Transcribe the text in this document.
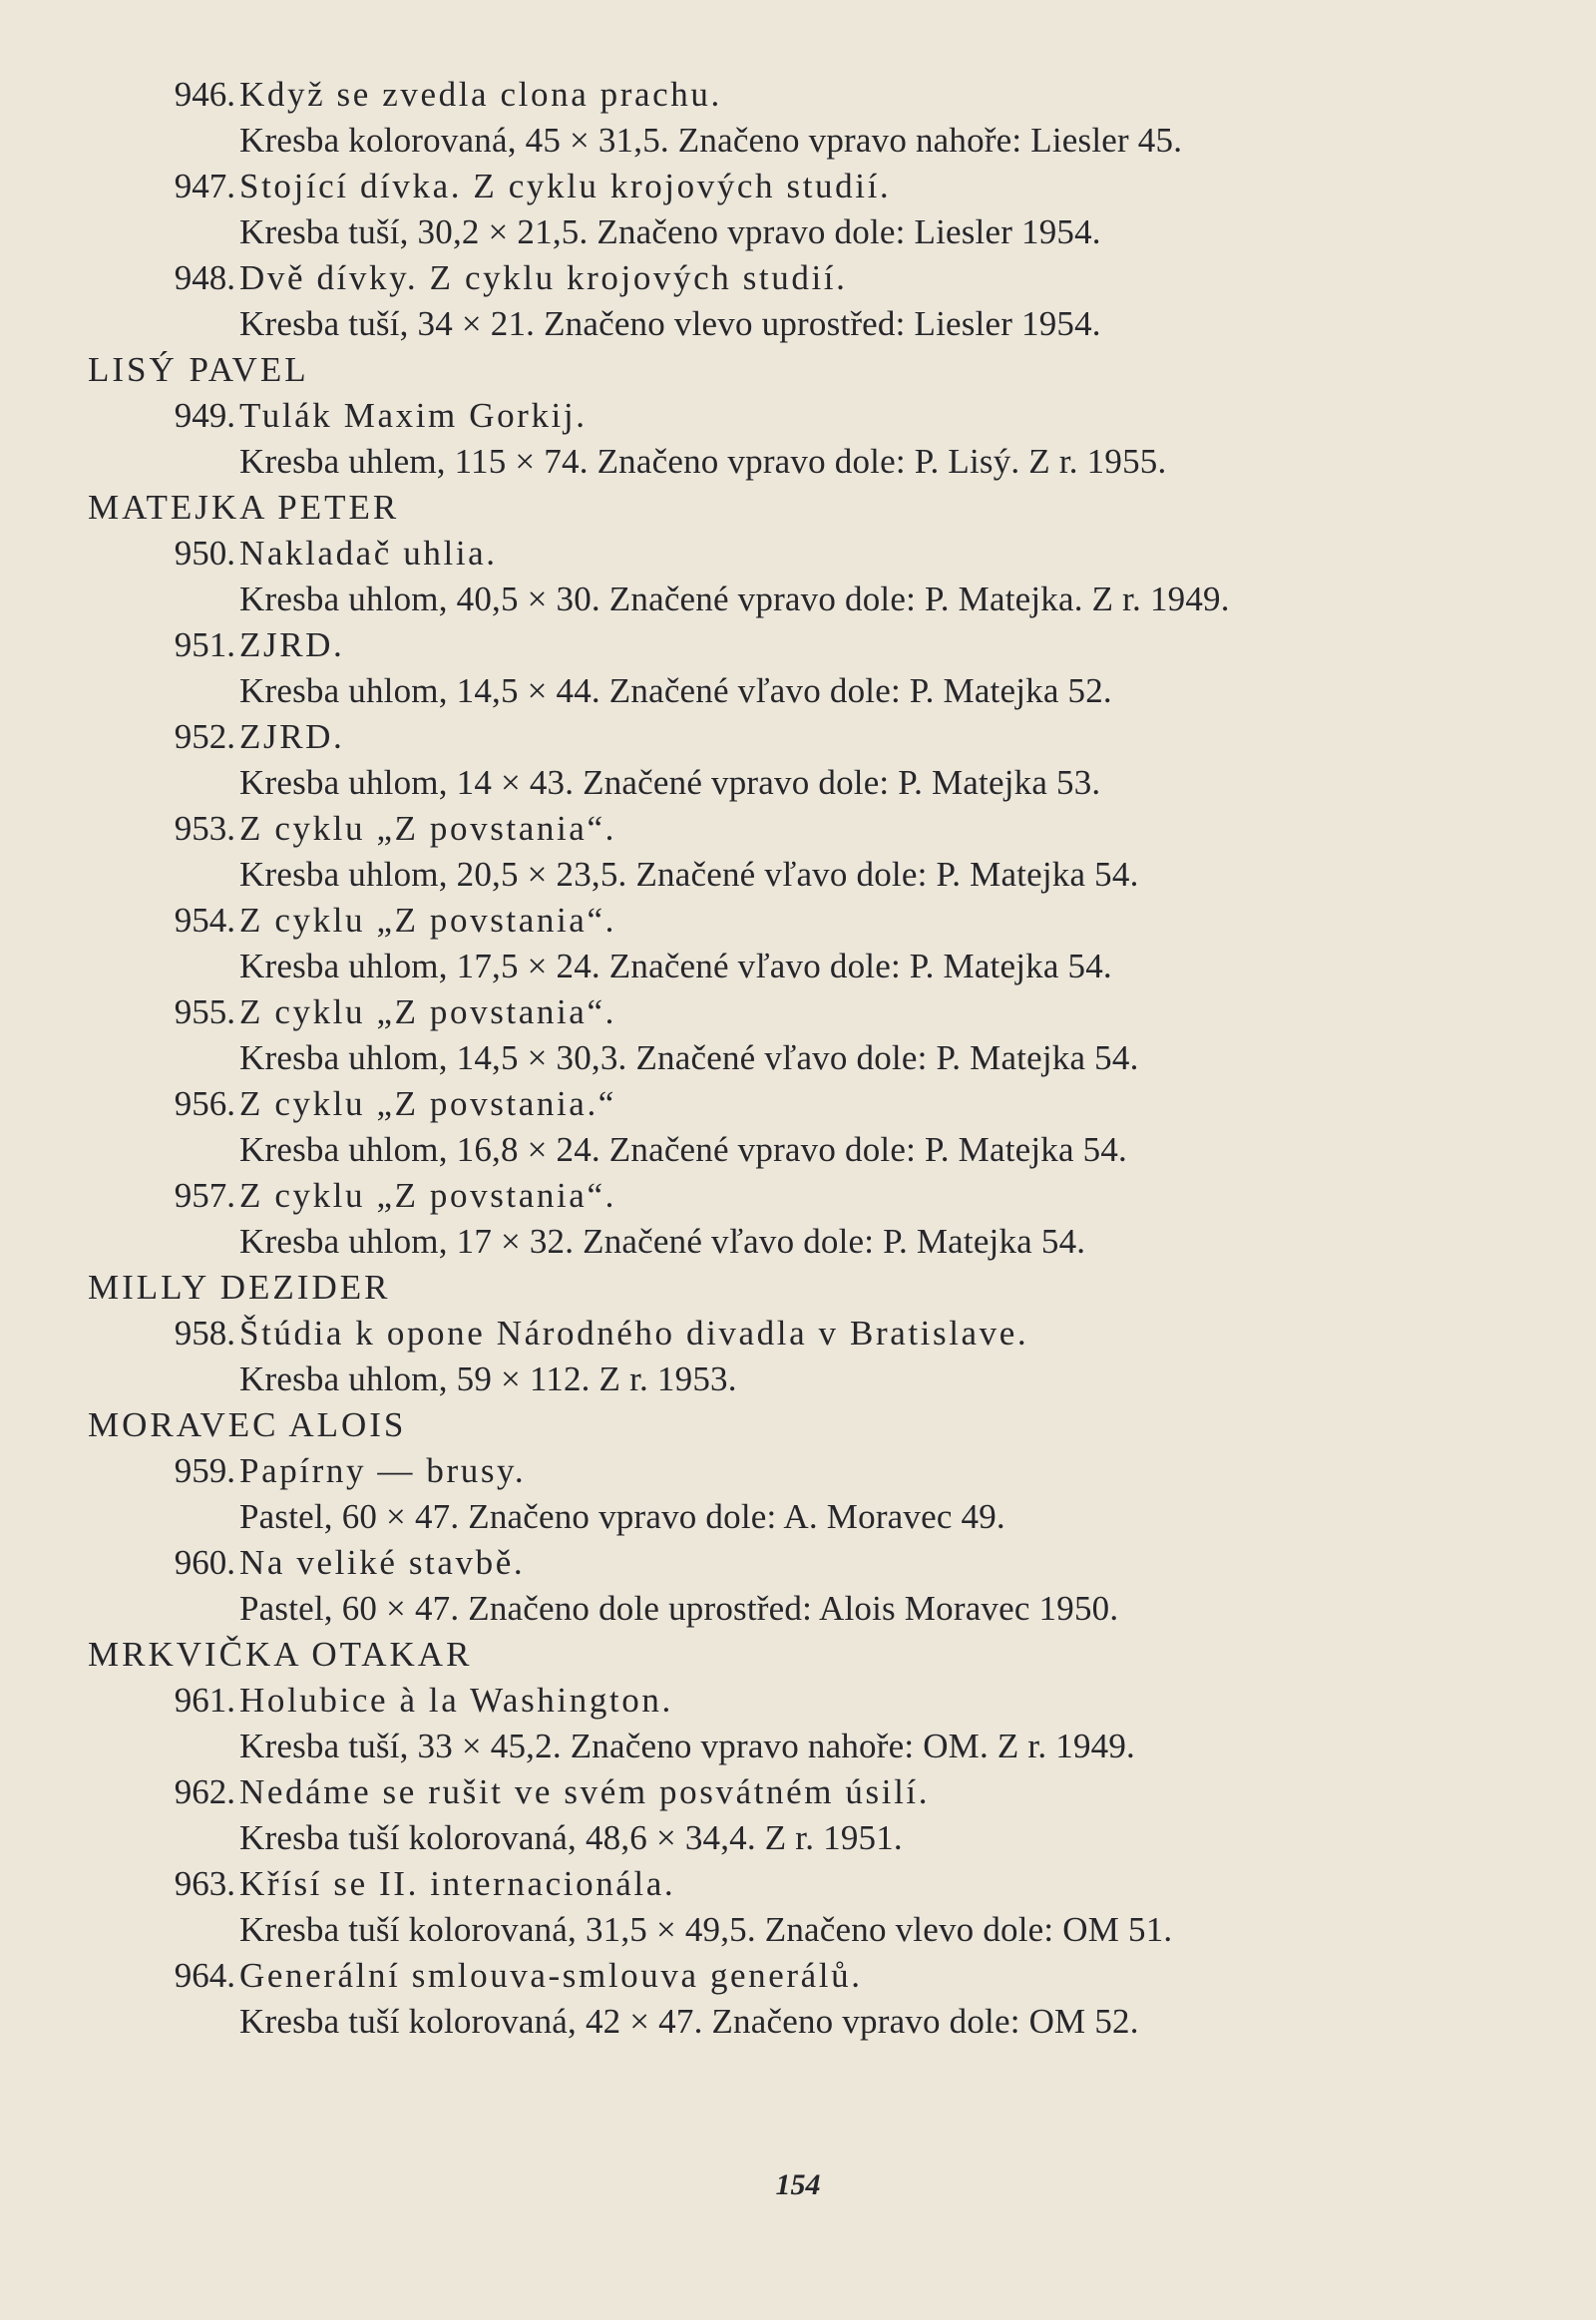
946. Když se zvedla clona prachu.
Kresba kolorovaná, 45 × 31,5. Značeno vpravo nahoře: Liesler 45.
947. Stojící dívka. Z cyklu krojových studií.
Kresba tuší, 30,2 × 21,5. Značeno vpravo dole: Liesler 1954.
948. Dvě dívky. Z cyklu krojových studií.
Kresba tuší, 34 × 21. Značeno vlevo uprostřed: Liesler 1954.
LISÝ PAVEL
949. Tulák Maxim Gorkij.
Kresba uhlem, 115 × 74. Značeno vpravo dole: P. Lisý. Z r. 1955.
MATEJKA PETER
950. Nakladač uhlia.
Kresba uhlom, 40,5 × 30. Značené vpravo dole: P. Matejka. Z r. 1949.
951. ZJRD.
Kresba uhlom, 14,5 × 44. Značené vľavo dole: P. Matejka 52.
952. ZJRD.
Kresba uhlom, 14 × 43. Značené vpravo dole: P. Matejka 53.
953. Z cyklu „Z povstania“.
Kresba uhlom, 20,5 × 23,5. Značené vľavo dole: P. Matejka 54.
954. Z cyklu „Z povstania“.
Kresba uhlom, 17,5 × 24. Značené vľavo dole: P. Matejka 54.
955. Z cyklu „Z povstania“.
Kresba uhlom, 14,5 × 30,3. Značené vľavo dole: P. Matejka 54.
956. Z cyklu „Z povstania.“
Kresba uhlom, 16,8 × 24. Značené vpravo dole: P. Matejka 54.
957. Z cyklu „Z povstania“.
Kresba uhlom, 17 × 32. Značené vľavo dole: P. Matejka 54.
MILLY DEZIDER
958. Štúdia k opone Národného divadla v Bratislave.
Kresba uhlom, 59 × 112. Z r. 1953.
MORAVEC ALOIS
959. Papírny — brusy.
Pastel, 60 × 47. Značeno vpravo dole: A. Moravec 49.
960. Na veliké stavbě.
Pastel, 60 × 47. Značeno dole uprostřed: Alois Moravec 1950.
MRKVIČKA OTAKAR
961. Holubice à la Washington.
Kresba tuší, 33 × 45,2. Značeno vpravo nahoře: OM. Z r. 1949.
962. Nedáme se rušit ve svém posvátném úsilí.
Kresba tuší kolorovaná, 48,6 × 34,4. Z r. 1951.
963. Křísí se II. internacionála.
Kresba tuší kolorovaná, 31,5 × 49,5. Značeno vlevo dole: OM 51.
964. Generální smlouva-smlouva generálů.
Kresba tuší kolorovaná, 42 × 47. Značeno vpravo dole: OM 52.
154
